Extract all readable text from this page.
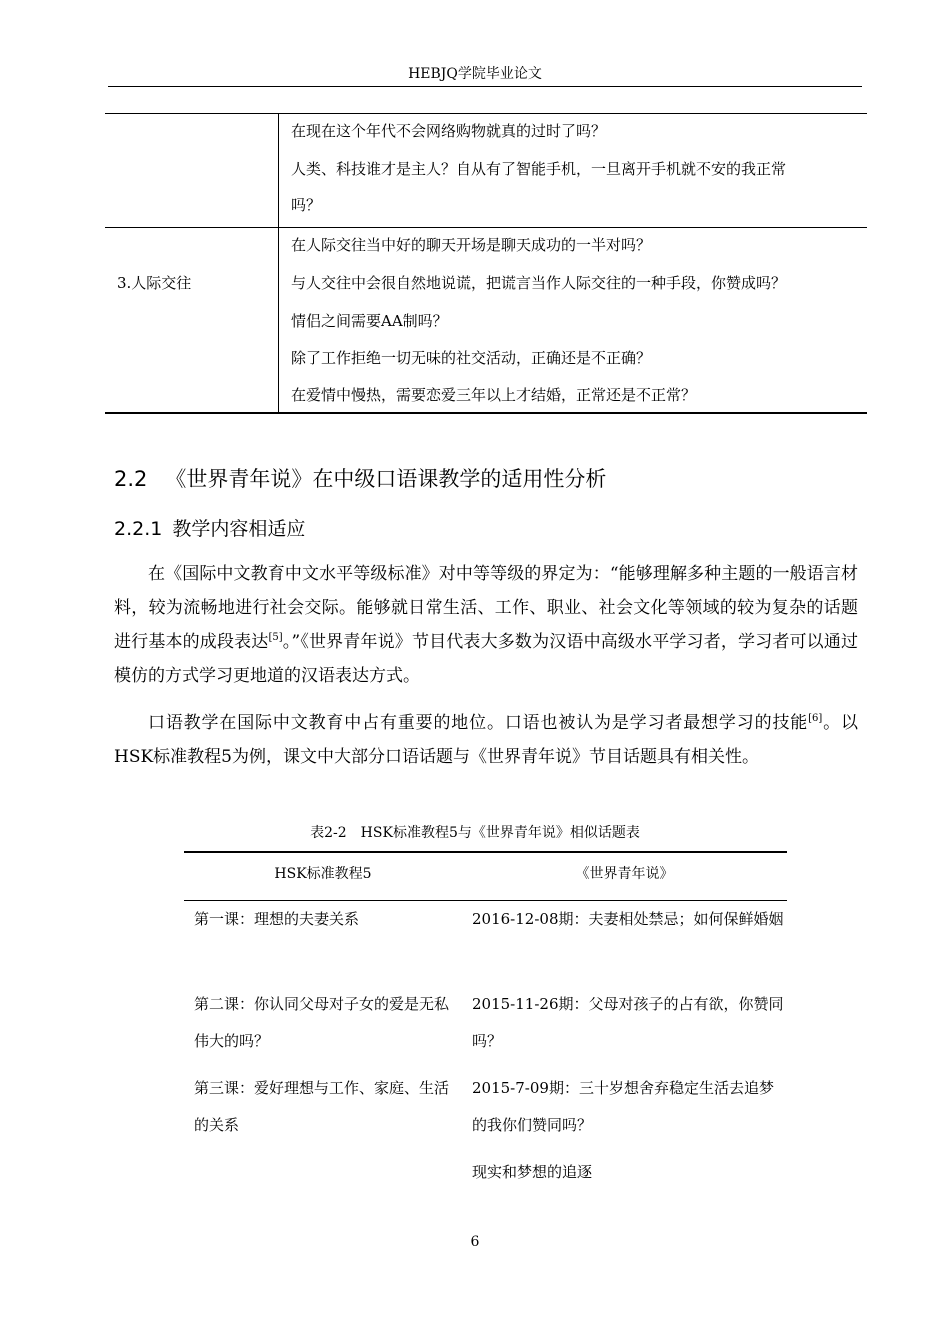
HEBJQ学院毕业论文
在现在这个年代不会网络购物就真的过时了吗？
人类、科技谁才是主人？自从有了智能手机，一旦离开手机就不安的我正常
吗？
3.人际交往
在人际交往当中好的聊天开场是聊天成功的一半对吗？
与人交往中会很自然地说谎，把谎言当作人际交往的一种手段，你赞成吗？
情侣之间需要AA制吗？
除了工作拒绝一切无味的社交活动，正确还是不正确？
在爱情中慢热，需要恋爱三年以上才结婚，正常还是不正常？
2.2 《世界青年说》在中级口语课教学的适用性分析
2.2.1 教学内容相适应

在《国际中文教育中文水平等级标准》对中等等级的界定为：“能够理解多种主题的一般语言材料，较为流畅地进行社会交际。能够就日常生活、工作、职业、社会文化等领域的较为复杂的话题进行基本的成段表达[5]。”《世界青年说》节目代表大多数为汉语中高级水平学习者，学习者可以通过模仿的方式学习更地道的汉语表达方式。

口语教学在国际中文教育中占有重要的地位。口语也被认为是学习者最想学习的技能[6]。以HSK标准教程5为例，课文中大部分口语话题与《世界青年说》节目话题具有相关性。

表2-2　HSK标准教程5与《世界青年说》相似话题表
HSK标准教程5	《世界青年说》

第一课：理想的夫妻关系	2016-12-08期：夫妻相处禁忌；如何保鲜婚姻

第二课：你认同父母对子女的爱是无私伟大的吗？

2015-11-26期：父母对孩子的占有欲，你赞同吗？

第三课：爱好理想与工作、家庭、生活的关系

2015-7-09期：三十岁想舍弃稳定生活去追梦的我你们赞同吗？

现实和梦想的追逐

6
